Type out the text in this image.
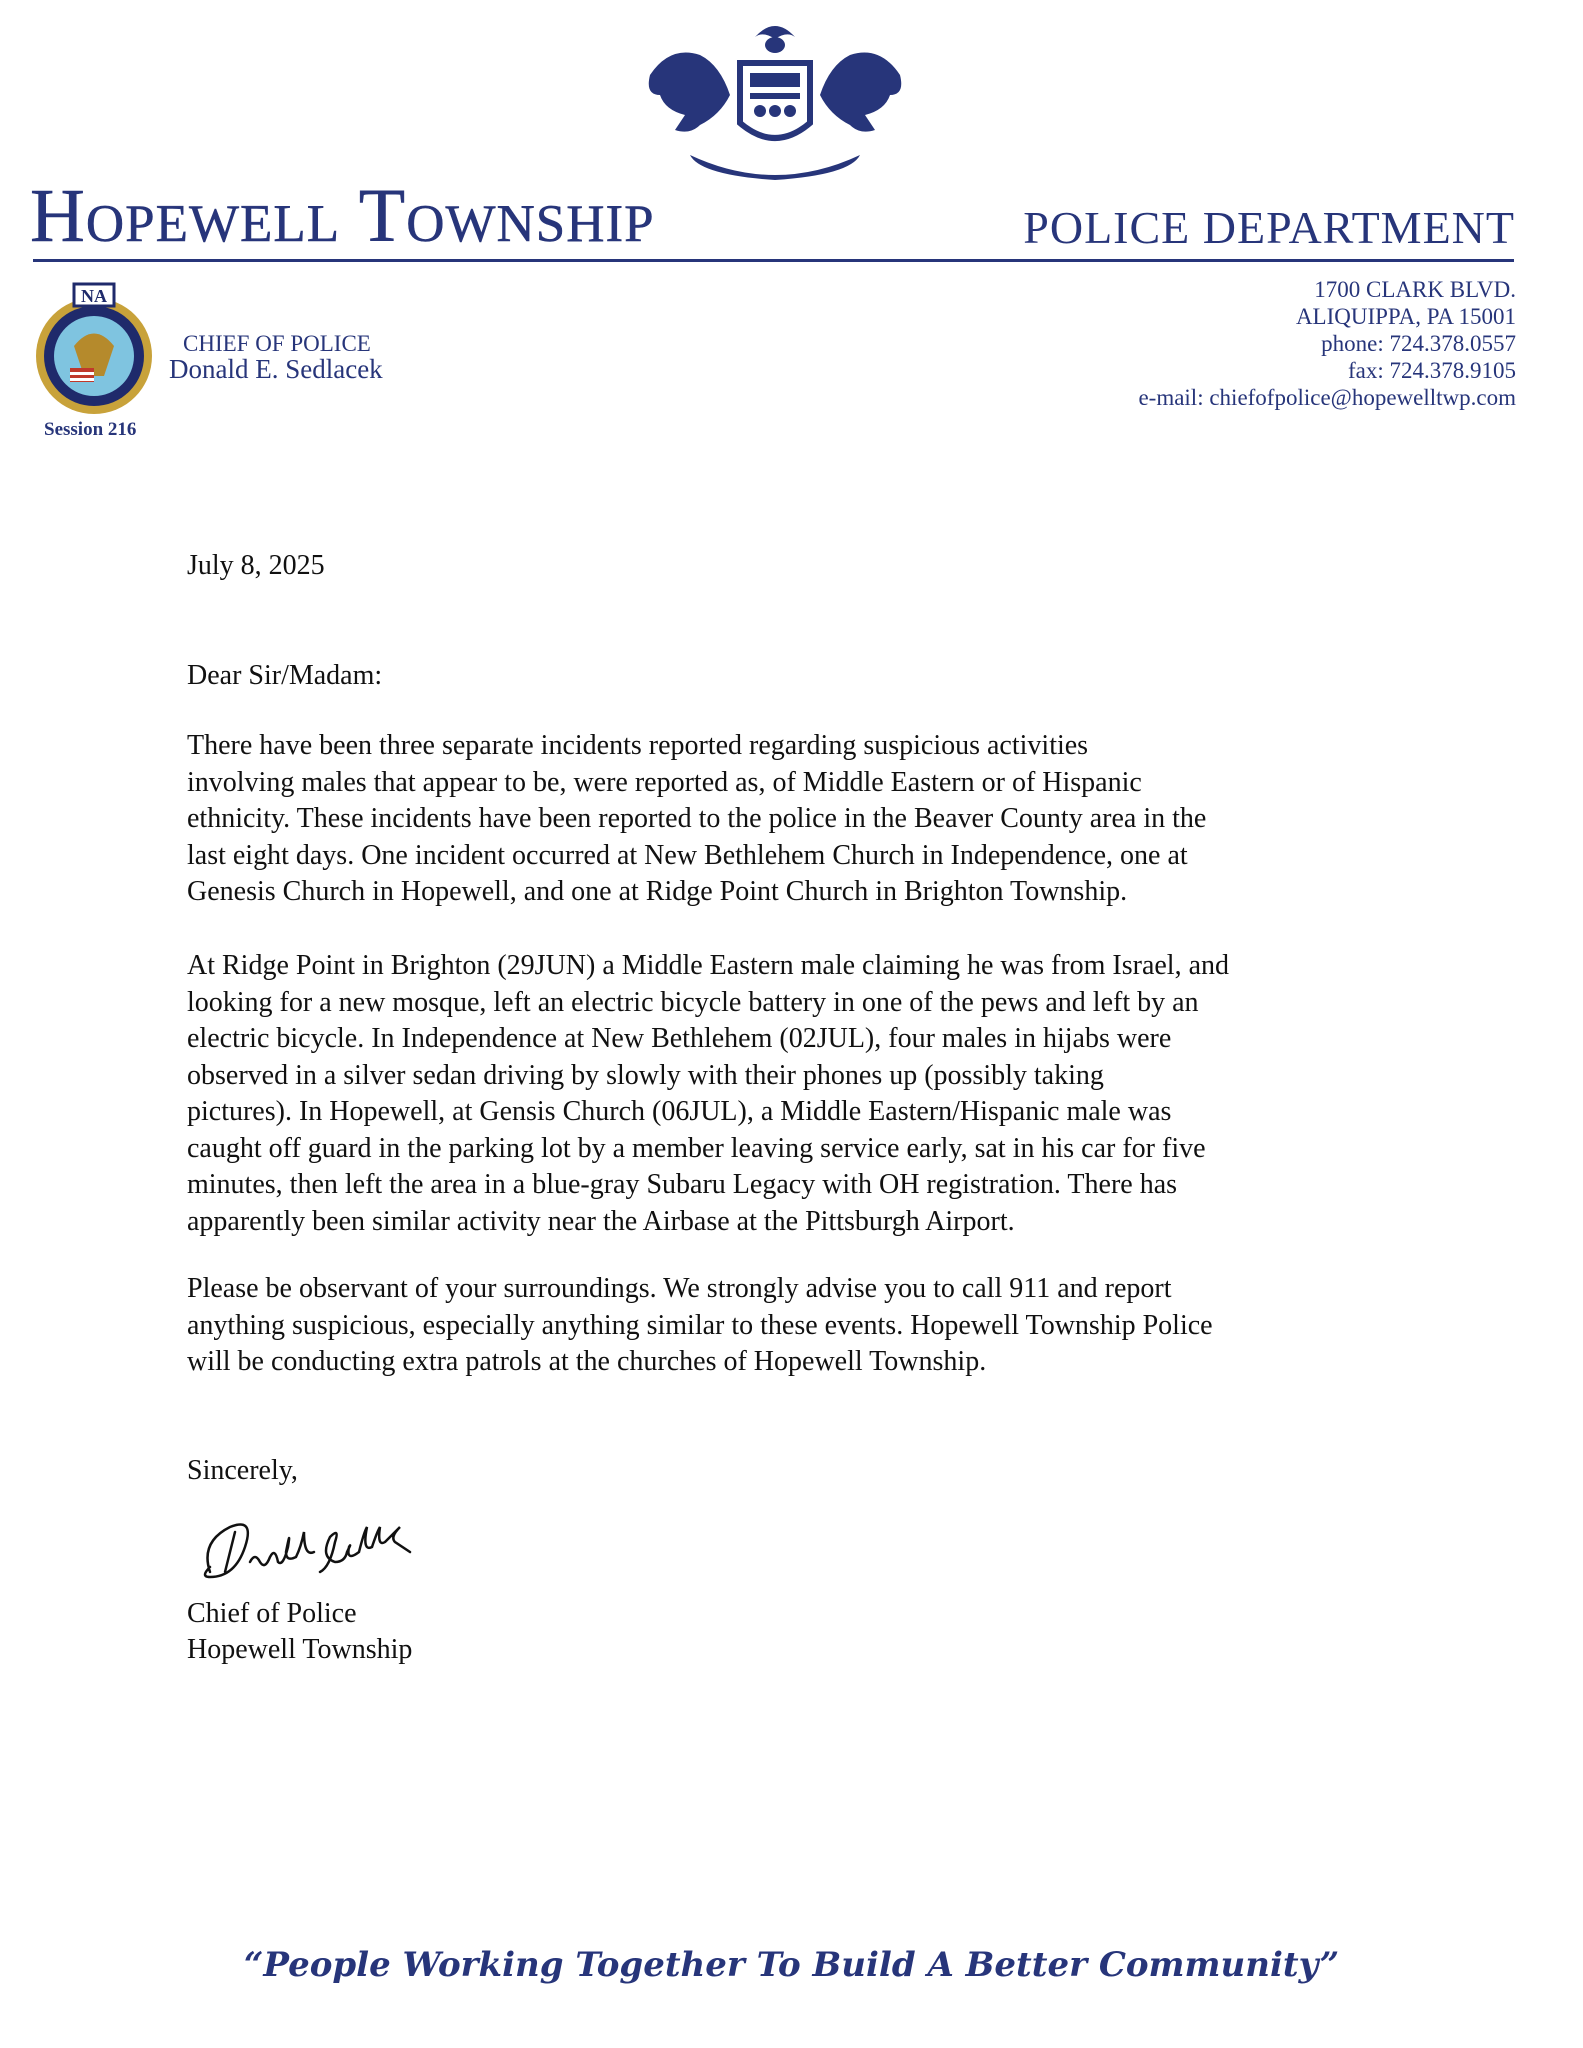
Hopewell Township	POLICE DEPARTMENT
NA
Session 216
CHIEF OF POLICE
Donald E. Sedlacek
1700 CLARK BLVD.
ALIQUIPPA, PA 15001
phone: 724.378.0557
fax: 724.378.9105
e-mail: chiefofpolice@hopewelltwp.com
July 8, 2025
Dear Sir/Madam:
There have been three separate incidents reported regarding suspicious activities
involving males that appear to be, were reported as, of Middle Eastern or of Hispanic
ethnicity. These incidents have been reported to the police in the Beaver County area in the
last eight days. One incident occurred at New Bethlehem Church in Independence, one at
Genesis Church in Hopewell, and one at Ridge Point Church in Brighton Township.
At Ridge Point in Brighton (29JUN) a Middle Eastern male claiming he was from Israel, and
looking for a new mosque, left an electric bicycle battery in one of the pews and left by an
electric bicycle. In Independence at New Bethlehem (02JUL), four males in hijabs were
observed in a silver sedan driving by slowly with their phones up (possibly taking
pictures). In Hopewell, at Gensis Church (06JUL), a Middle Eastern/Hispanic male was
caught off guard in the parking lot by a member leaving service early, sat in his car for five
minutes, then left the area in a blue-gray Subaru Legacy with OH registration. There has
apparently been similar activity near the Airbase at the Pittsburgh Airport.
Please be observant of your surroundings. We strongly advise you to call 911 and report
anything suspicious, especially anything similar to these events. Hopewell Township Police
will be conducting extra patrols at the churches of Hopewell Township.
Sincerely,
Chief of Police
Hopewell Township
“People Working Together To Build A Better Community”
